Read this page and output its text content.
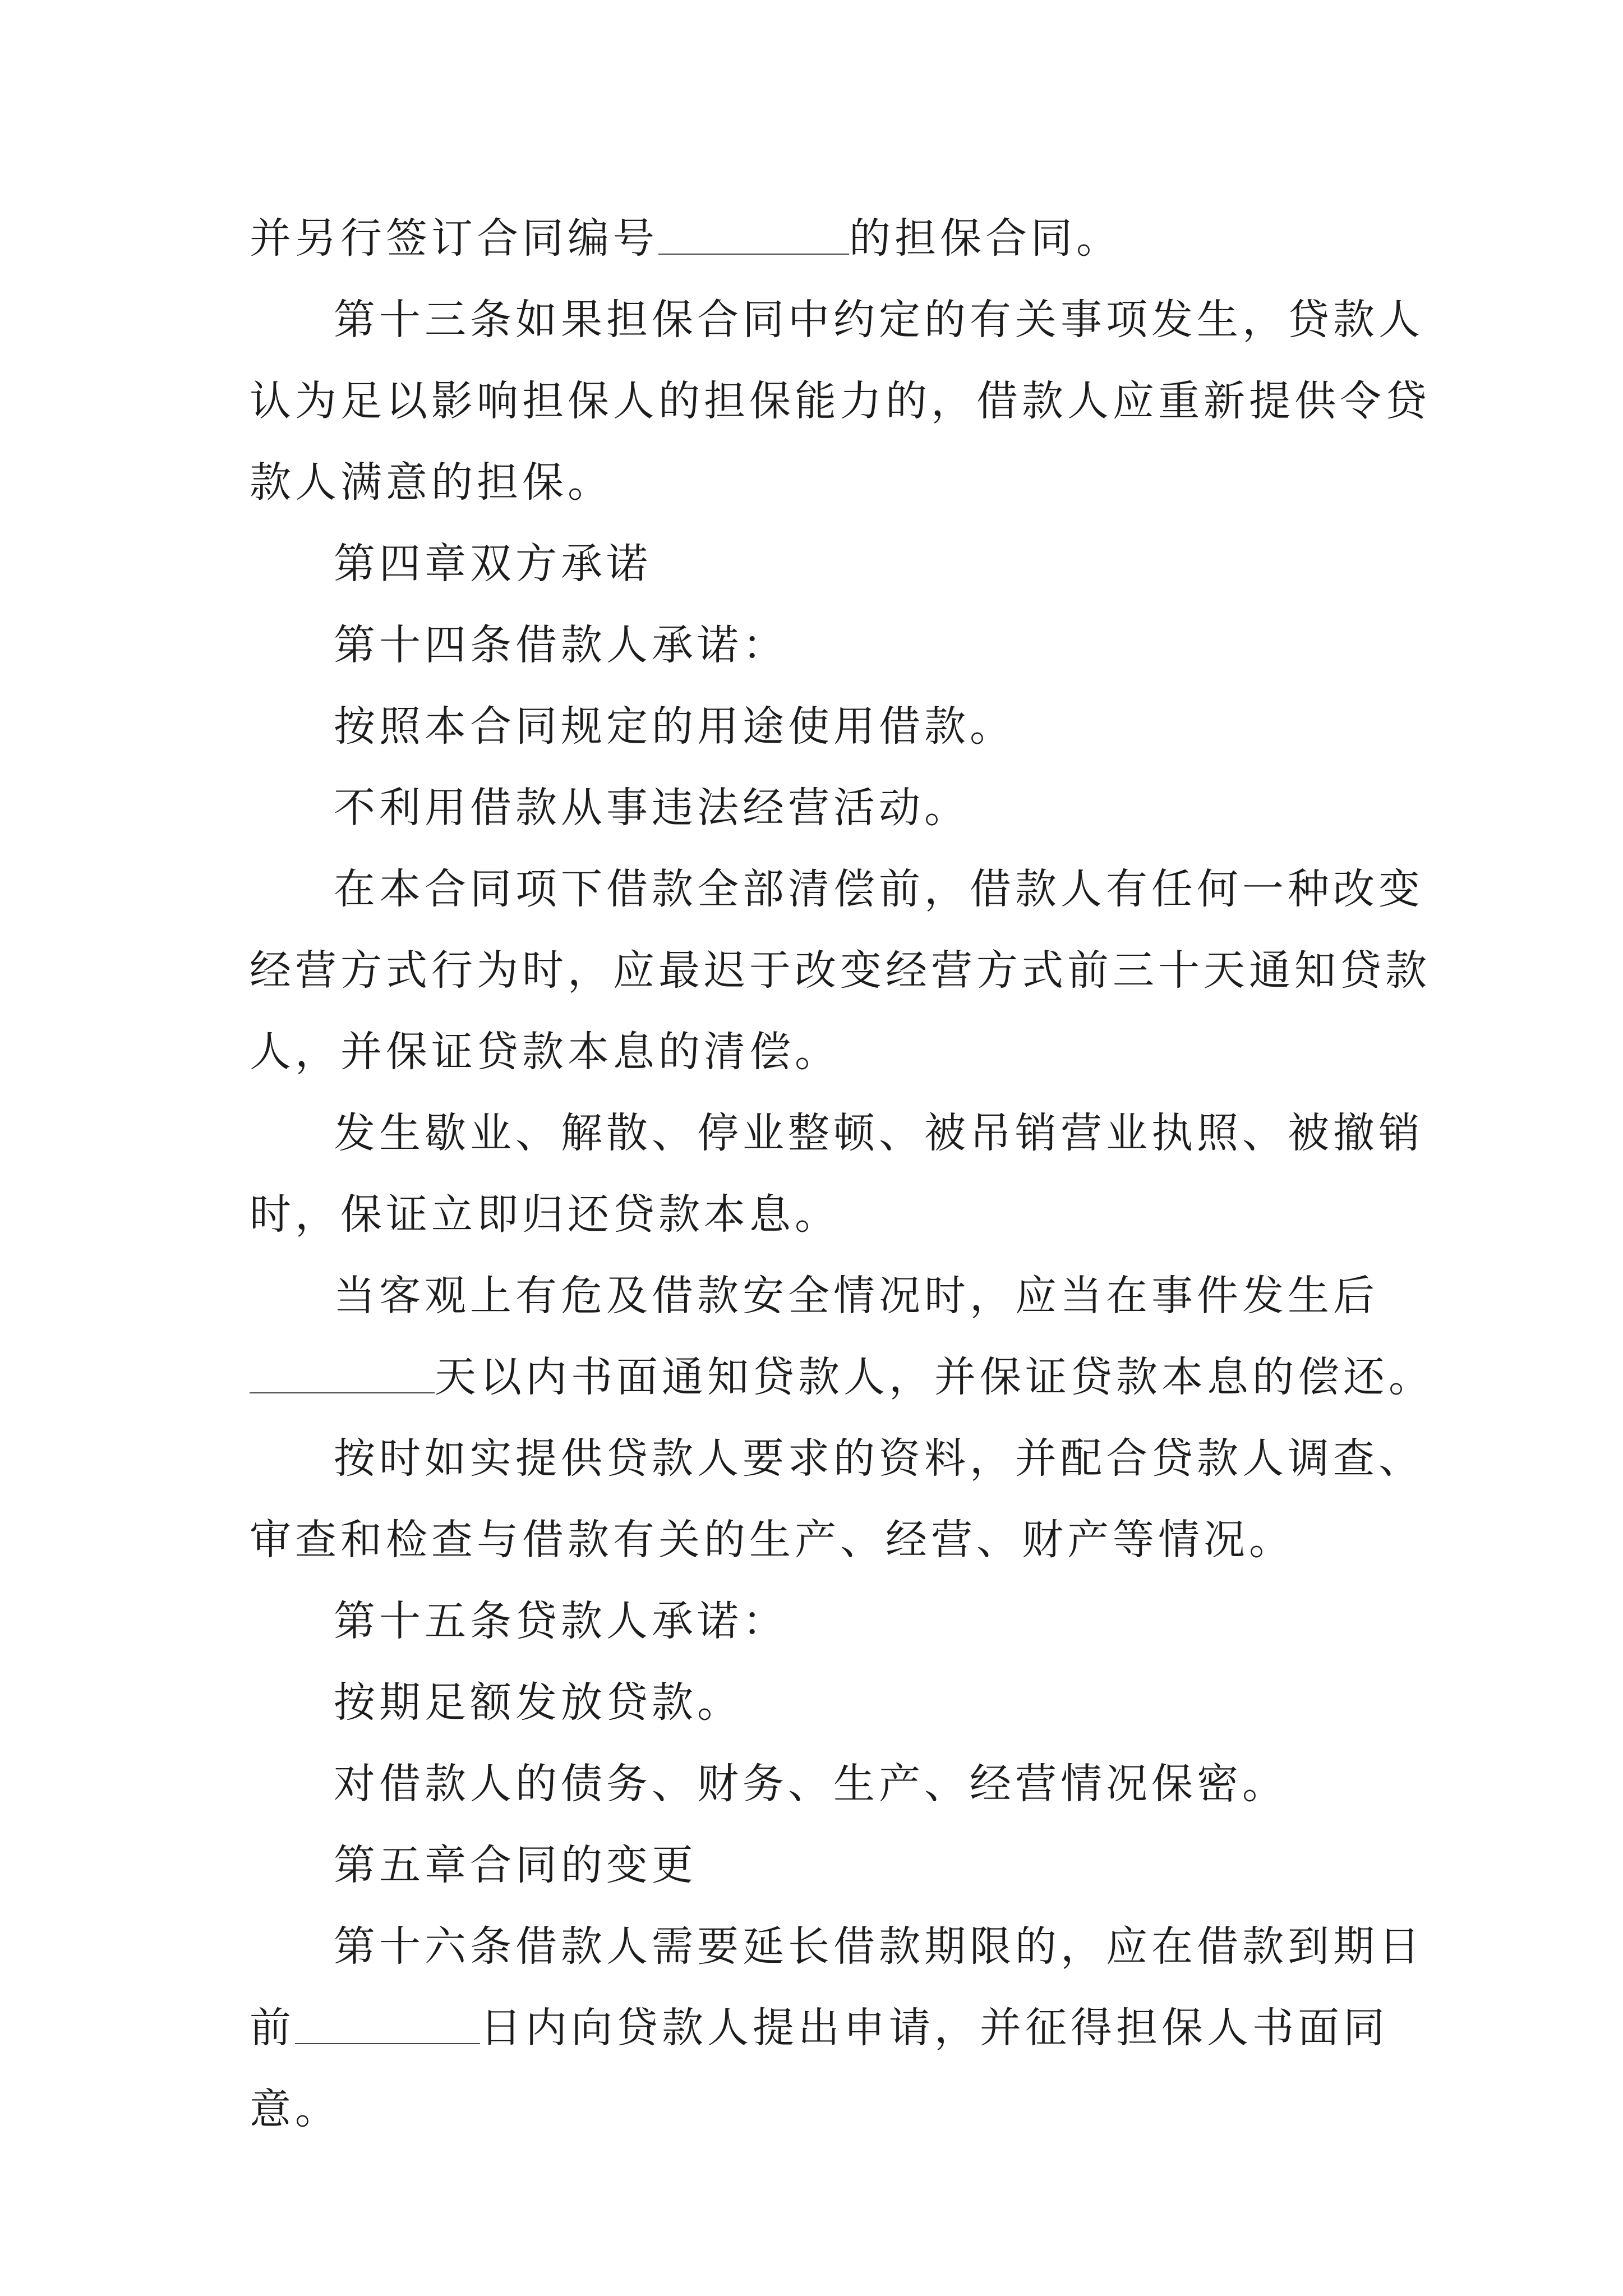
并另行签订合同编号	的担保合同。
第十三条如果担保合同中约定的有关事项发生，贷款人
认为足以影响担保人的担保能力的，借款人应重新提供令贷
款人满意的担保。
第四章双方承诺
第十四条借款人承诺：
按照本合同规定的用途使用借款。
不利用借款从事违法经营活动。
在本合同项下借款全部清偿前，借款人有任何一种改变
经营方式行为时，应最迟于改变经营方式前三十天通知贷款
人，并保证贷款本息的清偿。
发生歇业、解散、停业整顿、被吊销营业执照、被撤销
时，保证立即归还贷款本息。
当客观上有危及借款安全情况时，应当在事件发生后
天以内书面通知贷款人，并保证贷款本息的偿还。
按时如实提供贷款人要求的资料，并配合贷款人调查、
审查和检查与借款有关的生产、经营、财产等情况。
第十五条贷款人承诺：
按期足额发放贷款。
对借款人的债务、财务、生产、经营情况保密。
第五章合同的变更
第十六条借款人需要延长借款期限的，应在借款到期日
前	日内向贷款人提出申请，并征得担保人书面同
意。
